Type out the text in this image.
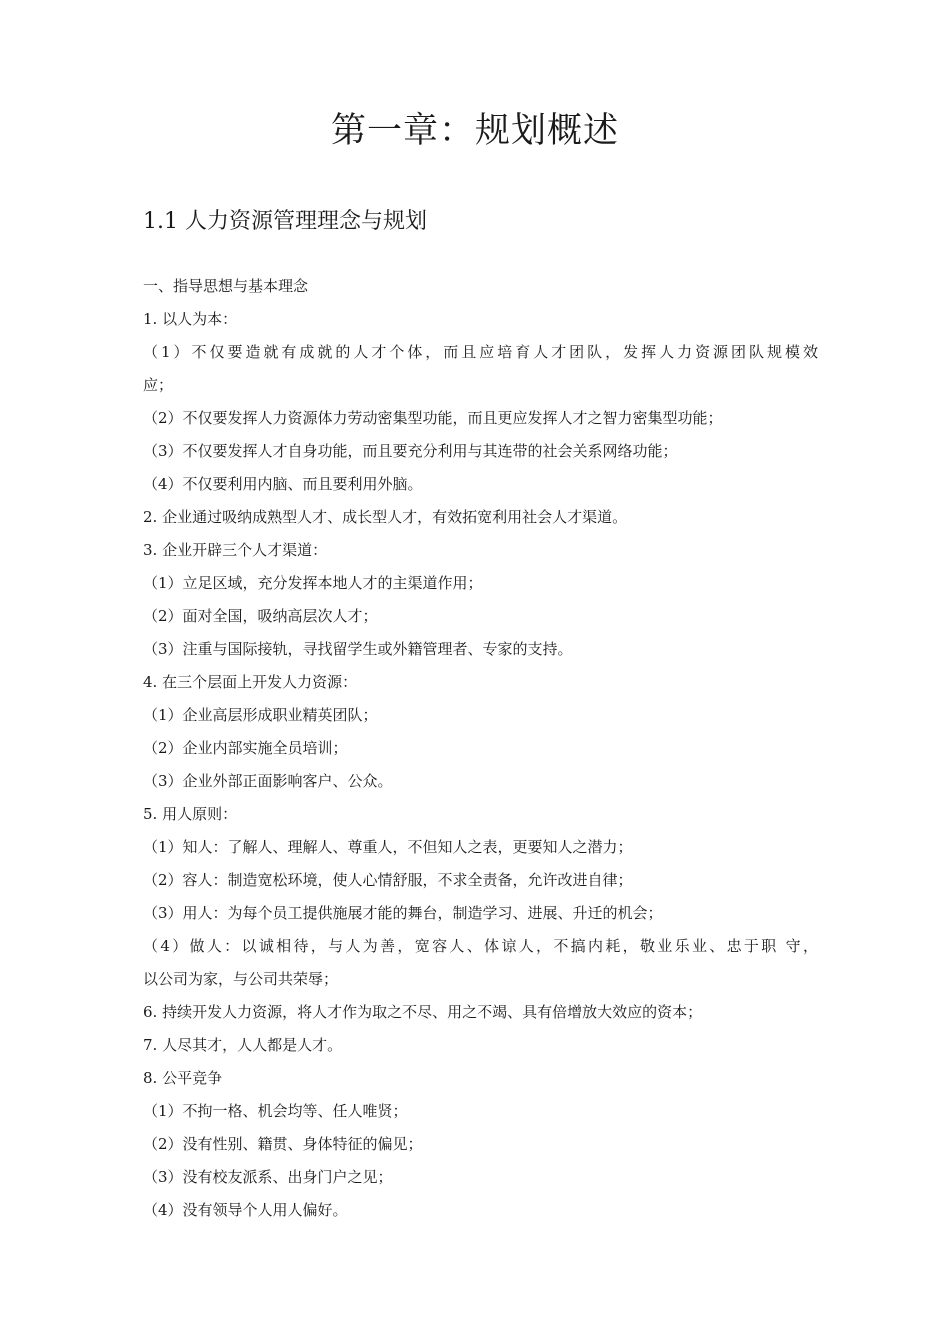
第一章：规划概述
1.1 人力资源管理理念与规划
一、指导思想与基本理念
1. 以人为本：
（1）不仅要造就有成就的人才个体，而且应培育人才团队，发挥人力资源团队规模效
应；
（2）不仅要发挥人力资源体力劳动密集型功能，而且更应发挥人才之智力密集型功能；
（3）不仅要发挥人才自身功能，而且要充分利用与其连带的社会关系网络功能；
（4）不仅要利用内脑、而且要利用外脑。
2. 企业通过吸纳成熟型人才、成长型人才，有效拓宽利用社会人才渠道。
3. 企业开辟三个人才渠道：
（1）立足区域，充分发挥本地人才的主渠道作用；
（2）面对全国，吸纳高层次人才；
（3）注重与国际接轨，寻找留学生或外籍管理者、专家的支持。
4. 在三个层面上开发人力资源：
（1）企业高层形成职业精英团队；
（2）企业内部实施全员培训；
（3）企业外部正面影响客户、公众。
5. 用人原则：
（1）知人：了解人、理解人、尊重人，不但知人之表，更要知人之潜力；
（2）容人：制造宽松环境，使人心情舒服，不求全责备，允许改进自律；
（3）用人：为每个员工提供施展才能的舞台，制造学习、进展、升迁的机会；
（4）做人：以诚相待，与人为善，宽容人、体谅人，不搞内耗，敬业乐业、忠于职 守，
以公司为家，与公司共荣辱；
6. 持续开发人力资源，将人才作为取之不尽、用之不竭、具有倍增放大效应的资本；
7. 人尽其才，人人都是人才。
8. 公平竞争
（1）不拘一格、机会均等、任人唯贤；
（2）没有性别、籍贯、身体特征的偏见；
（3）没有校友派系、出身门户之见；
（4）没有领导个人用人偏好。
